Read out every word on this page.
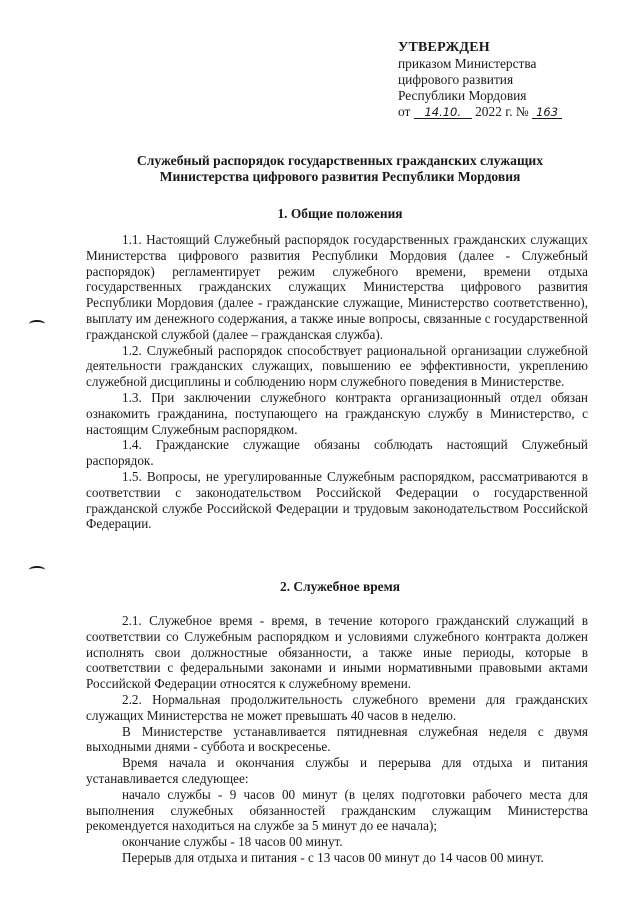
УТВЕРЖДЕН
приказом Министерства
цифрового развития
Республики Мордовия
от 14.10. 2022 г. № 163
Служебный распорядок государственных гражданских служащих
Министерства цифрового развития Республики Мордовия
1. Общие положения

1.1. Настоящий Служебный распорядок государственных гражданских служащих Министерства цифрового развития Республики Мордовия (далее - Служебный распорядок) регламентирует режим служебного времени, времени отдыха государственных гражданских служащих Министерства цифрового развития Республики Мордовия (далее - гражданские служащие, Министерство соответственно), выплату им денежного содержания, а также иные вопросы, связанные с государственной гражданской службой (далее – гражданская служба).

1.2. Служебный распорядок способствует рациональной организации служебной деятельности гражданских служащих, повышению ее эффективности, укреплению служебной дисциплины и соблюдению норм служебного поведения в Министерстве.

1.3. При заключении служебного контракта организационный отдел обязан ознакомить гражданина, поступающего на гражданскую службу в Министерство, с настоящим Служебным распорядком.

1.4. Гражданские служащие обязаны соблюдать настоящий Служебный распорядок.

1.5. Вопросы, не урегулированные Служебным распорядком, рассматриваются в соответствии с законодательством Российской Федерации о государственной гражданской службе Российской Федерации и трудовым законодательством Российской Федерации.

2. Служебное время

2.1. Служебное время - время, в течение которого гражданский служащий в соответствии со Служебным распорядком и условиями служебного контракта должен исполнять свои должностные обязанности, а также иные периоды, которые в соответствии с федеральными законами и иными нормативными правовыми актами Российской Федерации относятся к служебному времени.

2.2. Нормальная продолжительность служебного времени для гражданских служащих Министерства не может превышать 40 часов в неделю.

В Министерстве устанавливается пятидневная служебная неделя с двумя выходными днями - суббота и воскресенье.

Время начала и окончания службы и перерыва для отдыха и питания устанавливается следующее:

начало службы - 9 часов 00 минут (в целях подготовки рабочего места для выполнения служебных обязанностей гражданским служащим Министерства рекомендуется находиться на службе за 5 минут до ее начала);

окончание службы - 18 часов 00 минут.

Перерыв для отдыха и питания - с 13 часов 00 минут до 14 часов 00 минут.
